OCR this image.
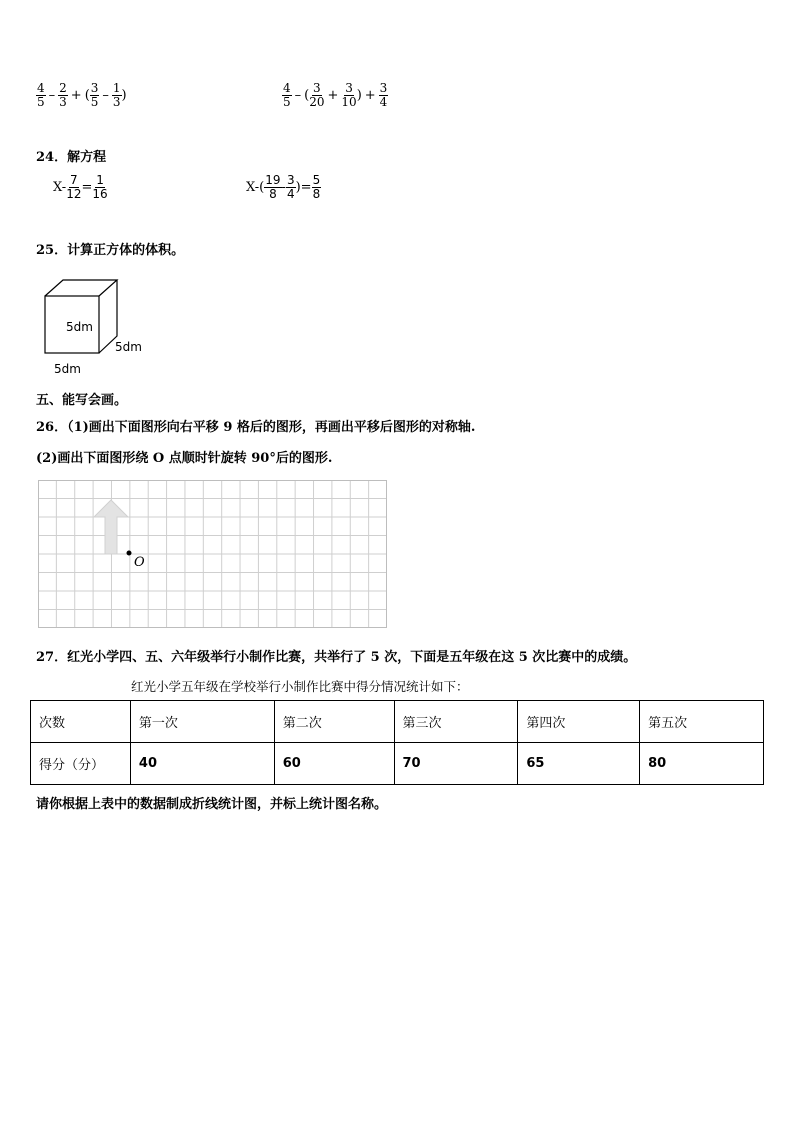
$\frac{4}{5} - \frac{2}{3}$ + ( $\frac{3}{5} - \frac{1}{3}$ )	$\frac{4}{5}$ – ( $\frac{3}{20} + \frac{3}{10}$ ) + $\frac{3}{4}$
24．解方程
$X- \frac{7}{12} = \frac{1}{16}$	$X-( \frac{19}{8} - \frac{3}{4}$ )= $\frac{5}{8}$
25．计算正方体的体积。
5dm
5dm
5dm
五、能写会画。
26．（1)画出下面图形向右平移 9 格后的图形，再画出平移后图形的对称轴.
(2)画出下面图形绕 O 点顺时针旋转 90°后的图形.
O
27．红光小学四、五、六年级举行小制作比赛，共举行了 5 次，下面是五年级在这 5 次比赛中的成绩。
红光小学五年级在学校举行小制作比赛中得分情况统计如下：
次数	第一次	第二次	第三次	第四次	第五次
得分（分）	40	60	70	65	80
请你根据上表中的数据制成折线统计图，并标上统计图名称。
